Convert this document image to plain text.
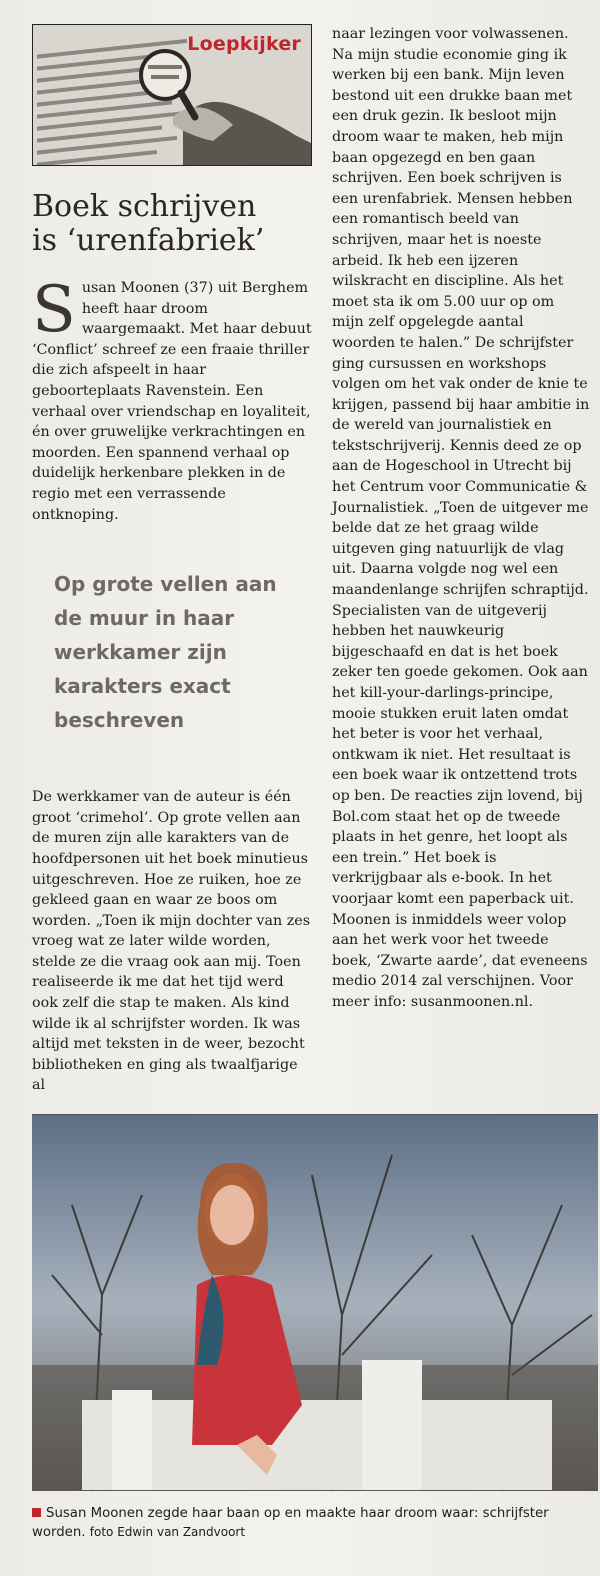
Loepkijker
Boek schrijven
is ‘urenfabriek’

Susan Moonen (37) uit Berghem heeft haar droom waargemaakt. Met haar debuut ‘Conflict’ schreef ze een fraaie thriller die zich afspeelt in haar geboorteplaats Ravenstein. Een verhaal over vriendschap en loyaliteit, én over gruwelijke verkrachtingen en moorden. Een spannend verhaal op duidelijk herkenbare plekken in de regio met een verrassende ontknoping.

Op grote vellen aan de muur in haar werkkamer zijn karakters exact beschreven

De werkkamer van de auteur is één groot ‘crimehol’. Op grote vellen aan de muren zijn alle karakters van de hoofdpersonen uit het boek minutieus uitgeschreven. Hoe ze ruiken, hoe ze gekleed gaan en waar ze boos om worden. „Toen ik mijn dochter van zes vroeg wat ze later wilde worden, stelde ze die vraag ook aan mij. Toen realiseerde ik me dat het tijd werd ook zelf die stap te maken. Als kind wilde ik al schrijfster worden. Ik was altijd met teksten in de weer, bezocht bibliotheken en ging als twaalfjarige al

naar lezingen voor volwassenen. Na mijn studie economie ging ik werken bij een bank. Mijn leven bestond uit een drukke baan met een druk gezin. Ik besloot mijn droom waar te maken, heb mijn baan opgezegd en ben gaan schrijven. Een boek schrijven is een urenfabriek. Mensen hebben een romantisch beeld van schrijven, maar het is noeste arbeid. Ik heb een ijzeren wilskracht en discipline. Als het moet sta ik om 5.00 uur op om mijn zelf opgelegde aantal woorden te halen.” De schrijfster ging cursussen en workshops volgen om het vak onder de knie te krijgen, passend bij haar ambitie in de wereld van journalistiek en tekstschrijverij. Kennis deed ze op aan de Hogeschool in Utrecht bij het Centrum voor Communicatie & Journalistiek. „Toen de uitgever me belde dat ze het graag wilde uitgeven ging natuurlijk de vlag uit. Daarna volgde nog wel een maandenlange schrijfen schraptijd. Specialisten van de uitgeverij hebben het nauwkeurig bijgeschaafd en dat is het boek zeker ten goede gekomen. Ook aan het kill-your-darlings-principe, mooie stukken eruit laten omdat het beter is voor het verhaal, ontkwam ik niet. Het resultaat is een boek waar ik ontzettend trots op ben. De reacties zijn lovend, bij Bol.com staat het op de tweede plaats in het genre, het loopt als een trein.” Het boek is verkrijgbaar als e-book. In het voorjaar komt een paperback uit. Moonen is inmiddels weer volop aan het werk voor het tweede boek, ‘Zwarte aarde’, dat eveneens medio 2014 zal verschijnen. Voor meer info: susanmoonen.nl.

Susan Moonen zegde haar baan op en maakte haar droom waar: schrijfster worden. foto Edwin van Zandvoort
